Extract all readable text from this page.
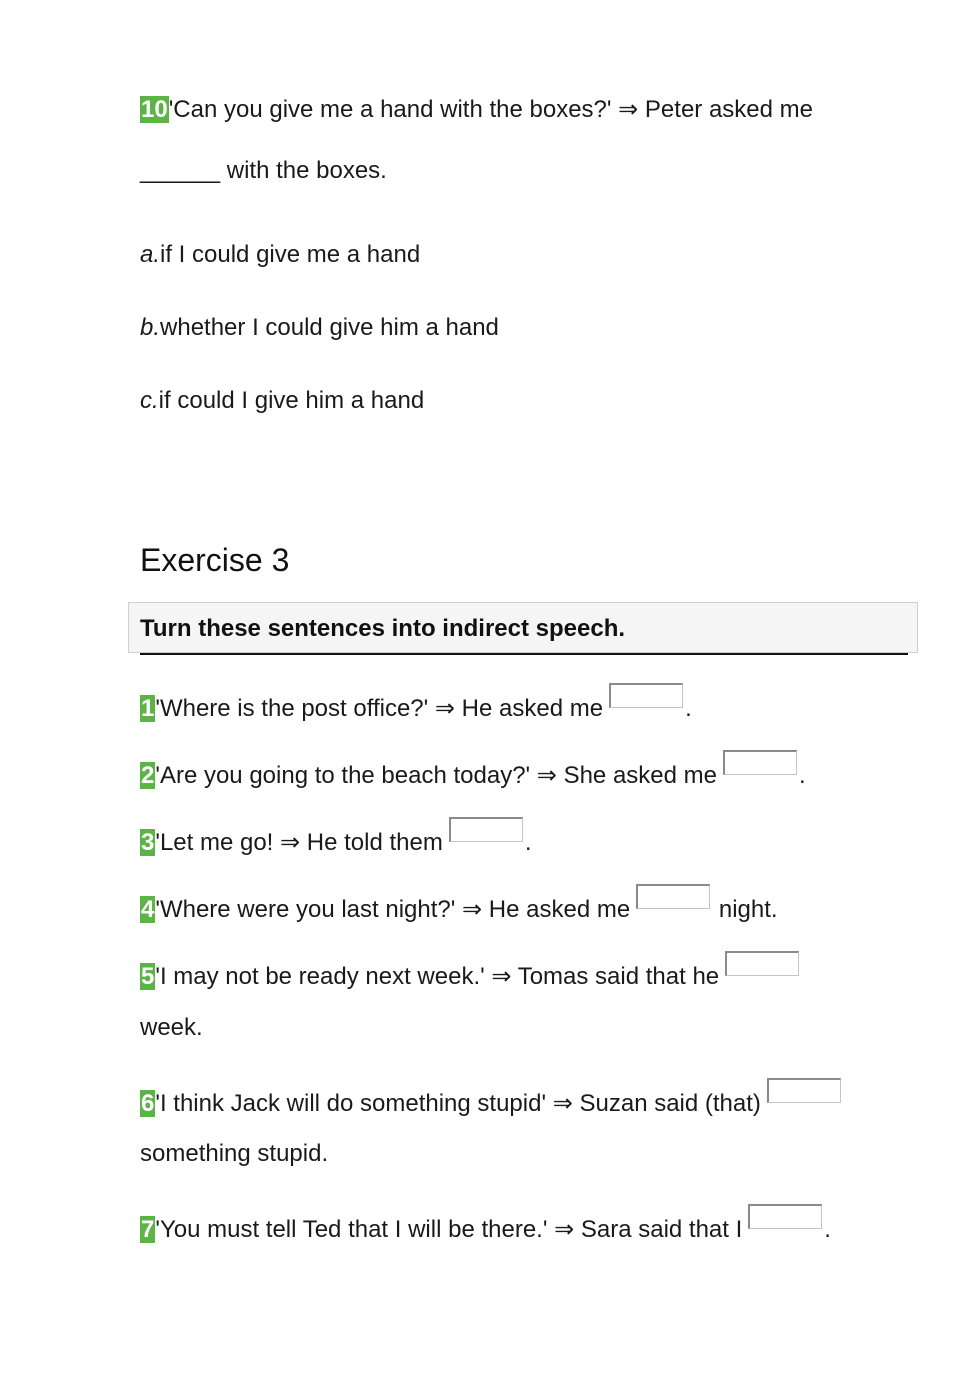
10'Can you give me a hand with the boxes?' ⇒ Peter asked me
______ with the boxes.
a.if I could give me a hand
b.whether I could give him a hand
c.if could I give him a hand
Exercise 3
Turn these sentences into indirect speech.
1'Where is the post office?' ⇒ He asked me	.
2'Are you going to the beach today?' ⇒ She asked me	.
3'Let me go! ⇒ He told them	.
4'Where were you last night?' ⇒ He asked me	night.
5'I may not be ready next week.' ⇒ Tomas said that he
week.
6'I think Jack will do something stupid' ⇒ Suzan said (that)
something stupid.
7'You must tell Ted that I will be there.' ⇒ Sara said that I	.
